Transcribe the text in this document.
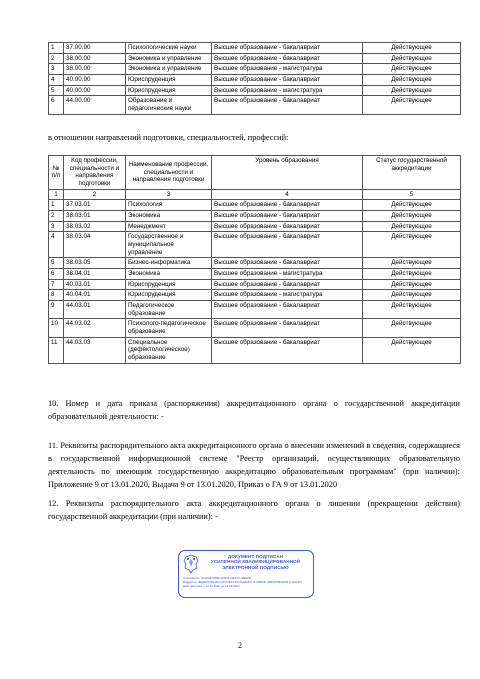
1	37.00.00	Психологические науки	Высшее образование - бакалавриат	Действующее
2	38.00.00	Экономика и управление	Высшее образование - бакалавриат	Действующее
3	38.00.00	Экономика и управление	Высшее образование - магистратура	Действующее
4	40.00.00	Юриспруденция	Высшее образование - бакалавриат	Действующее
5	40.00.00	Юриспруденция	Высшее образование - магистратура	Действующее
6	44.00.00	Образование и педагогические науки	Высшее образование - бакалавриат	Действующее

в отношении направлений подготовки, специальностей, профессий:

№ п/п	Код профессии, специальности и направления подготовки	Наименование профессии, специальности и направления подготовки	Уровень образования	Статус государственной аккредитации
1	2	3	4	5
1	37.03.01	Психология	Высшее образование - бакалавриат	Действующее
2	38.03.01	Экономика	Высшее образование - бакалавриат	Действующее
3	38.03.02	Менеджмент	Высшее образование - бакалавриат	Действующее
4	38.03.04	Государственное и муниципальное управление	Высшее образование - бакалавриат	Действующее
5	38.03.05	Бизнес-информатика	Высшее образование - бакалавриат	Действующее
6	38.04.01	Экономика	Высшее образование - магистратура	Действующее
7	40.03.01	Юриспруденция	Высшее образование - бакалавриат	Действующее
8	40.04.01	Юриспруденция	Высшее образование - магистратура	Действующее
9	44.03.01	Педагогическое образование	Высшее образование - бакалавриат	Действующее
10	44.03.02	Психолого-педагогическое образование	Высшее образование - бакалавриат	Действующее
11	44.03.03	Специальное (дефектологическое) образование	Высшее образование - бакалавриат	Действующее

10. Номер и дата приказа (распоряжения) аккредитационного органа о государственной аккредитации образовательной деятельности: -

11. Реквизиты распорядительного акта аккредитационного органа о внесении изменений в сведения, содержащиеся в государственной информационной системе "Реестр организаций, осуществляющих образовательную деятельность по имеющим государственную аккредитацию образовательным программам" (при наличии): Приложение 9 от 13.01.2020, Выдача 9 от 13.01.2020, Приказ о ГА 9 от 13.01.2020

12. Реквизиты распорядительного акта аккредитационного органа о лишении (прекращении действия) государственной аккредитации (при наличии): -

ДОКУМЕНТ ПОДПИСАН
УСИЛЕННОЙ КВАЛИФИЦИРОВАННОЙ
ЭЛЕКТРОННОЙ ПОДПИСЬЮ
Сертификат: 00A6A6C0B6F2D5D2C6E1CF16EE6D
Владелец: ФЕДЕРАЛЬНАЯ СЛУЖБА ПО НАДЗОРУ В СФЕРЕ ОБРАЗОВАНИЯ И НАУКИ
Действителен: с 14.12.2020 до 14.03.2022
2
